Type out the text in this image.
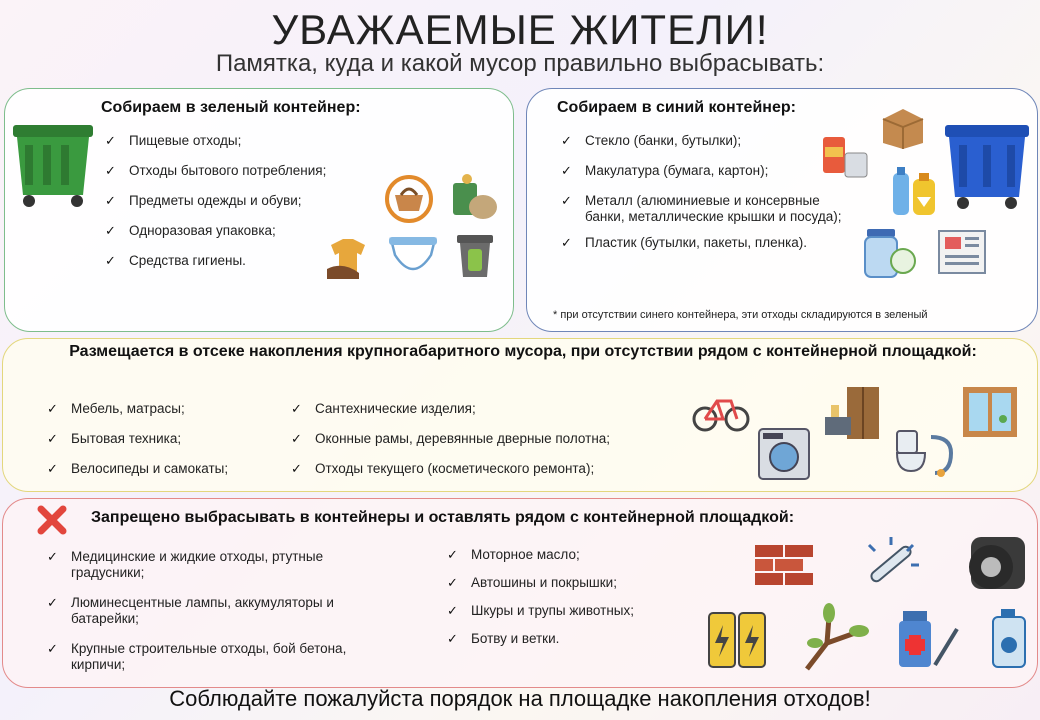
УВАЖАЕМЫЕ ЖИТЕЛИ!
Памятка, куда и какой мусор правильно выбрасывать:
Собираем в зеленый контейнер:
✓ Пищевые отходы;
✓ Отходы бытового потребления;
✓ Предметы одежды и обуви;
✓ Одноразовая упаковка;
✓ Средства гигиены.
Собираем в синий контейнер:
✓ Стекло (банки, бутылки);
✓ Макулатура (бумага, картон);
✓ Металл (алюминиевые и консервные банки, металлические крышки и посуда);
✓ Пластик (бутылки, пакеты, пленка).
* при отсутствии синего контейнера, эти отходы складируются в зеленый
Размещается в отсеке накопления крупногабаритного мусора, при отсутствии рядом с контейнерной площадкой:
✓ Мебель, матрасы;
✓ Бытовая техника;
✓ Велосипеды и самокаты;
✓ Сантехнические изделия;
✓ Оконные рамы, деревянные дверные полотна;
✓ Отходы текущего (косметического ремонта);
Запрещено выбрасывать в контейнеры и оставлять рядом с контейнерной площадкой:
✓ Медицинские и жидкие отходы, ртутные градусники;
✓ Люминесцентные лампы, аккумуляторы и батарейки;
✓ Крупные строительные отходы, бой бетона, кирпичи;
✓ Моторное масло;
✓ Автошины и покрышки;
✓ Шкуры и трупы животных;
✓ Ботву и ветки.
Соблюдайте пожалуйста порядок на площадке накопления отходов!
